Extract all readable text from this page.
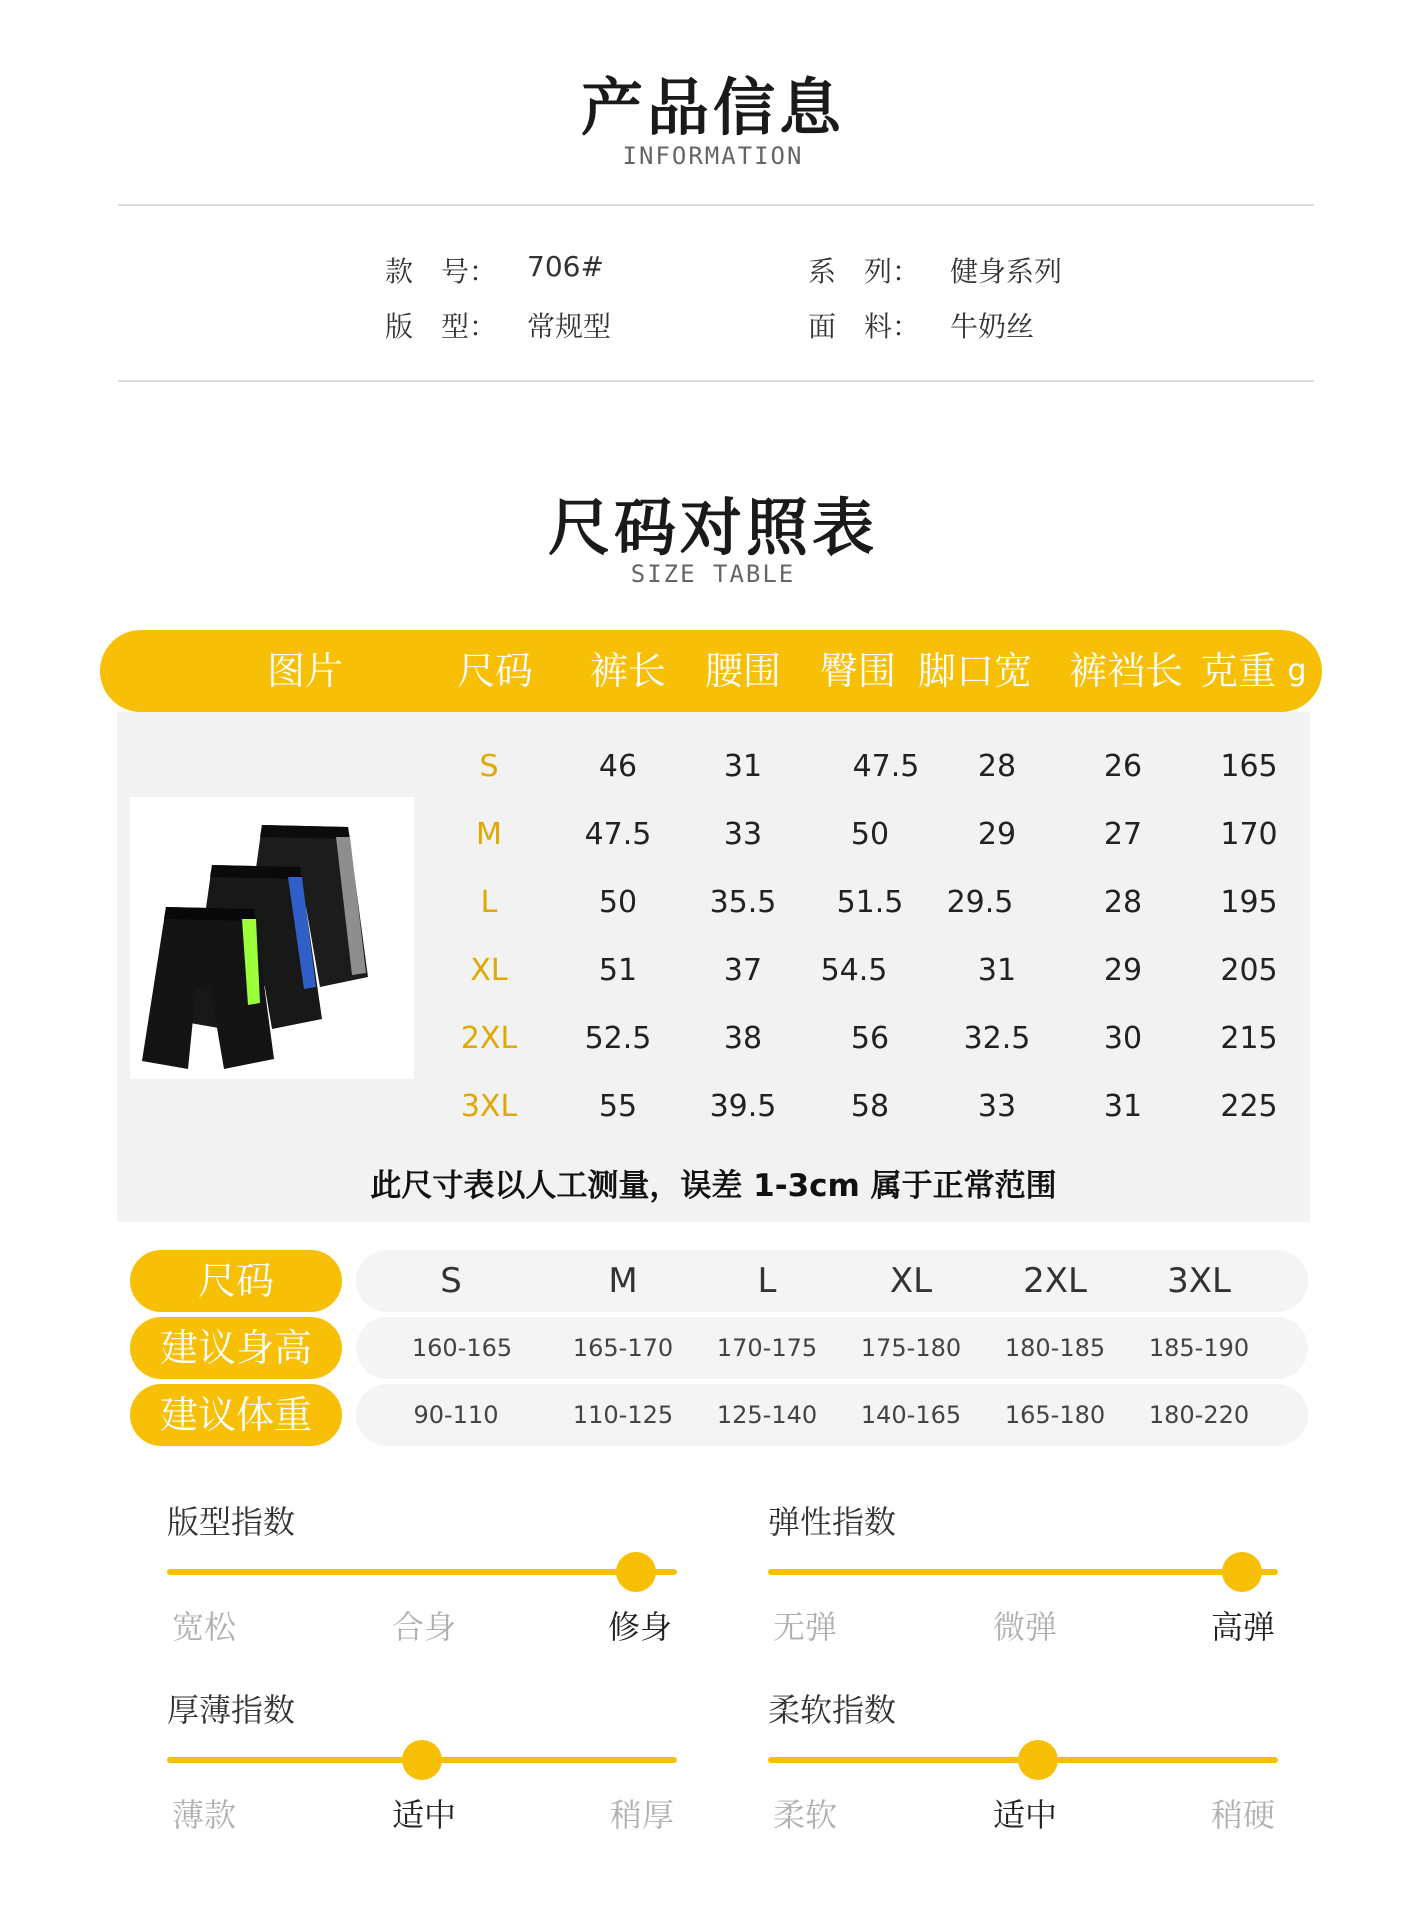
产品信息
INFORMATION
款　号： 706#	系　列： 健身系列
版　型： 常规型	面　料： 牛奶丝
尺码对照表
SIZE TABLE
图片	尺码	裤长	腰围	臀围 脚口宽 裤裆长 克重 g
S	46	31	47.5	28	26	165
M	47.5	33	50	29	27	170
L	50	35.5	51.5	29.5	28	195
XL	51	37	54.5	31	29	205
2XL	52.5	38	56	32.5	30	215
3XL	55	39.5	58	33	31	225
此尺寸表以人工测量，误差 1-3cm 属于正常范围
尺码	S	M	L	XL	2XL	3XL
建议身高	160-165	165-170	170-175	175-180	180-185	185-190
建议体重	90-110	110-125	125-140	140-165	165-180	180-220
版型指数
宽松	合身	修身
弹性指数
无弹	微弹	高弹
厚薄指数
薄款	适中	稍厚
柔软指数
柔软	适中	稍硬
